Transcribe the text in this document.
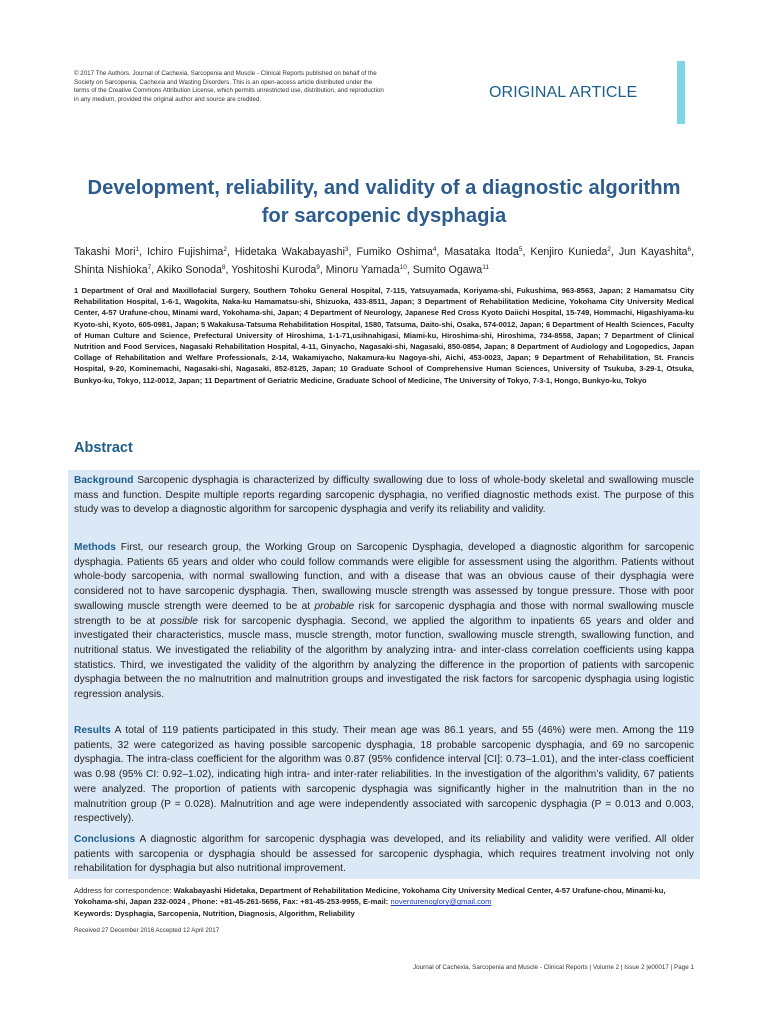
© 2017 The Authors. Journal of Cachexia, Sarcopenia and Muscle - Clinical Reports published on behalf of the Society on Sarcopenia, Cachexia and Wasting Disorders. This is an open-access article distributed under the terms of the Creative Commons Attribution License, which permits unrestricted use, distribution, and reproduction in any medium, provided the original author and source are credited.	ORIGINAL ARTICLE
Development, reliability, and validity of a diagnostic algorithm for sarcopenic dysphagia
Takashi Mori$^1$, Ichiro Fujishima$^2$, Hidetaka Wakabayashi$^3$, Fumiko Oshima$^4$, Masataka Itoda$^5$, Kenjiro Kunieda$^2$, Jun Kayashita$^6$, Shinta Nishioka$^7$, Akiko Sonoda$^8$, Yoshitoshi Kuroda$^9$, Minoru Yamada$^{10}$, Sumito Ogawa$^{11}$
1 Department of Oral and Maxillofacial Surgery, Southern Tohoku General Hospital, 7-115, Yatsuyamada, Koriyama-shi, Fukushima, 963-8563, Japan; 2 Hamamatsu City Rehabilitation Hospital, 1-6-1, Wagokita, Naka-ku Hamamatsu-shi, Shizuoka, 433-8511, Japan; 3 Department of Rehabilitation Medicine, Yokohama City University Medical Center, 4-57 Urafune-chou, Minami ward, Yokohama-shi, Japan; 4 Department of Neurology, Japanese Red Cross Kyoto Daiichi Hospital, 15-749, Hommachi, Higashiyama-ku Kyoto-shi, Kyoto, 605-0981, Japan; 5 Wakakusa-Tatsuma Rehabilitation Hospital, 1580, Tatsuma, Daito-shi, Osaka, 574-0012, Japan; 6 Department of Health Sciences, Faculty of Human Culture and Science, Prefectural University of Hiroshima, 1-1-71,usihnahigasi, Miami-ku, Hiroshima-shi, Hiroshima, 734-8558, Japan; 7 Department of Clinical Nutrition and Food Services, Nagasaki Rehabilitation Hospital, 4-11, Ginyacho, Nagasaki-shi, Nagasaki, 850-0854, Japan; 8 Department of Audiology and Logopedics, Japan Collage of Rehabilitation and Welfare Professionals, 2-14, Wakamiyacho, Nakamura-ku Nagoya-shi, Aichi, 453-0023, Japan; 9 Department of Rehabilitation, St. Francis Hospital, 9-20, Kominemachi, Nagasaki-shi, Nagasaki, 852-8125, Japan; 10 Graduate School of Comprehensive Human Sciences, University of Tsukuba, 3-29-1, Otsuka, Bunkyo-ku, Tokyo, 112-0012, Japan; 11 Department of Geriatric Medicine, Graduate School of Medicine, The University of Tokyo, 7-3-1, Hongo, Bunkyo-ku, Tokyo
Abstract

Background Sarcopenic dysphagia is characterized by difficulty swallowing due to loss of whole-body skeletal and swallowing muscle mass and function. Despite multiple reports regarding sarcopenic dysphagia, no verified diagnostic methods exist. The purpose of this study was to develop a diagnostic algorithm for sarcopenic dysphagia and verify its reliability and validity.

Methods First, our research group, the Working Group on Sarcopenic Dysphagia, developed a diagnostic algorithm for sarcopenic dysphagia. Patients 65 years and older who could follow commands were eligible for assessment using the algorithm. Patients without whole-body sarcopenia, with normal swallowing function, and with a disease that was an obvious cause of their dysphagia were considered not to have sarcopenic dysphagia. Then, swallowing muscle strength was assessed by tongue pressure. Those with poor swallowing muscle strength were deemed to be at probable risk for sarcopenic dysphagia and those with normal swallowing muscle strength to be at possible risk for sarcopenic dysphagia. Second, we applied the algorithm to inpatients 65 years and older and investigated their characteristics, muscle mass, muscle strength, motor function, swallowing muscle strength, swallowing function, and nutritional status. We investigated the reliability of the algorithm by analyzing intra- and inter-class correlation coefficients using kappa statistics. Third, we investigated the validity of the algorithm by analyzing the difference in the proportion of patients with sarcopenic dysphagia between the no malnutrition and malnutrition groups and investigated the risk factors for sarcopenic dysphagia using logistic regression analysis.

Results A total of 119 patients participated in this study. Their mean age was 86.1 years, and 55 (46%) were men. Among the 119 patients, 32 were categorized as having possible sarcopenic dysphagia, 18 probable sarcopenic dysphagia, and 69 no sarcopenic dysphagia. The intra-class coefficient for the algorithm was 0.87 (95% confidence interval [CI]: 0.73–1.01), and the inter-class coefficient was 0.98 (95% CI: 0.92–1.02), indicating high intra- and inter-rater reliabilities. In the investigation of the algorithm’s validity, 67 patients were analyzed. The proportion of patients with sarcopenic dysphagia was significantly higher in the malnutrition than in the no malnutrition group (P = 0.028). Malnutrition and age were independently associated with sarcopenic dysphagia (P = 0.013 and 0.003, respectively).

Conclusions A diagnostic algorithm for sarcopenic dysphagia was developed, and its reliability and validity were verified. All older patients with sarcopenia or dysphagia should be assessed for sarcopenic dysphagia, which requires treatment involving not only rehabilitation for dysphagia but also nutritional improvement.

Address for correspondence: Wakabayashi Hidetaka, Department of Rehabilitation Medicine, Yokohama City University Medical Center, 4-57 Urafune-chou, Minami-ku, Yokohama-shi, Japan 232-0024 , Phone: +81-45-261-5656, Fax: +81-45-253-9955, E-mail: noventurenoglory@gmail.com
Keywords: Dysphagia, Sarcopenia, Nutrition, Diagnosis, Algorithm, Reliability
Received 27 December 2016 Accepted 12 April 2017
Journal of Cachexia, Sarcopenia and Muscle - Clinical Reports | Volume 2 | Issue 2 |e00017 | Page 1
